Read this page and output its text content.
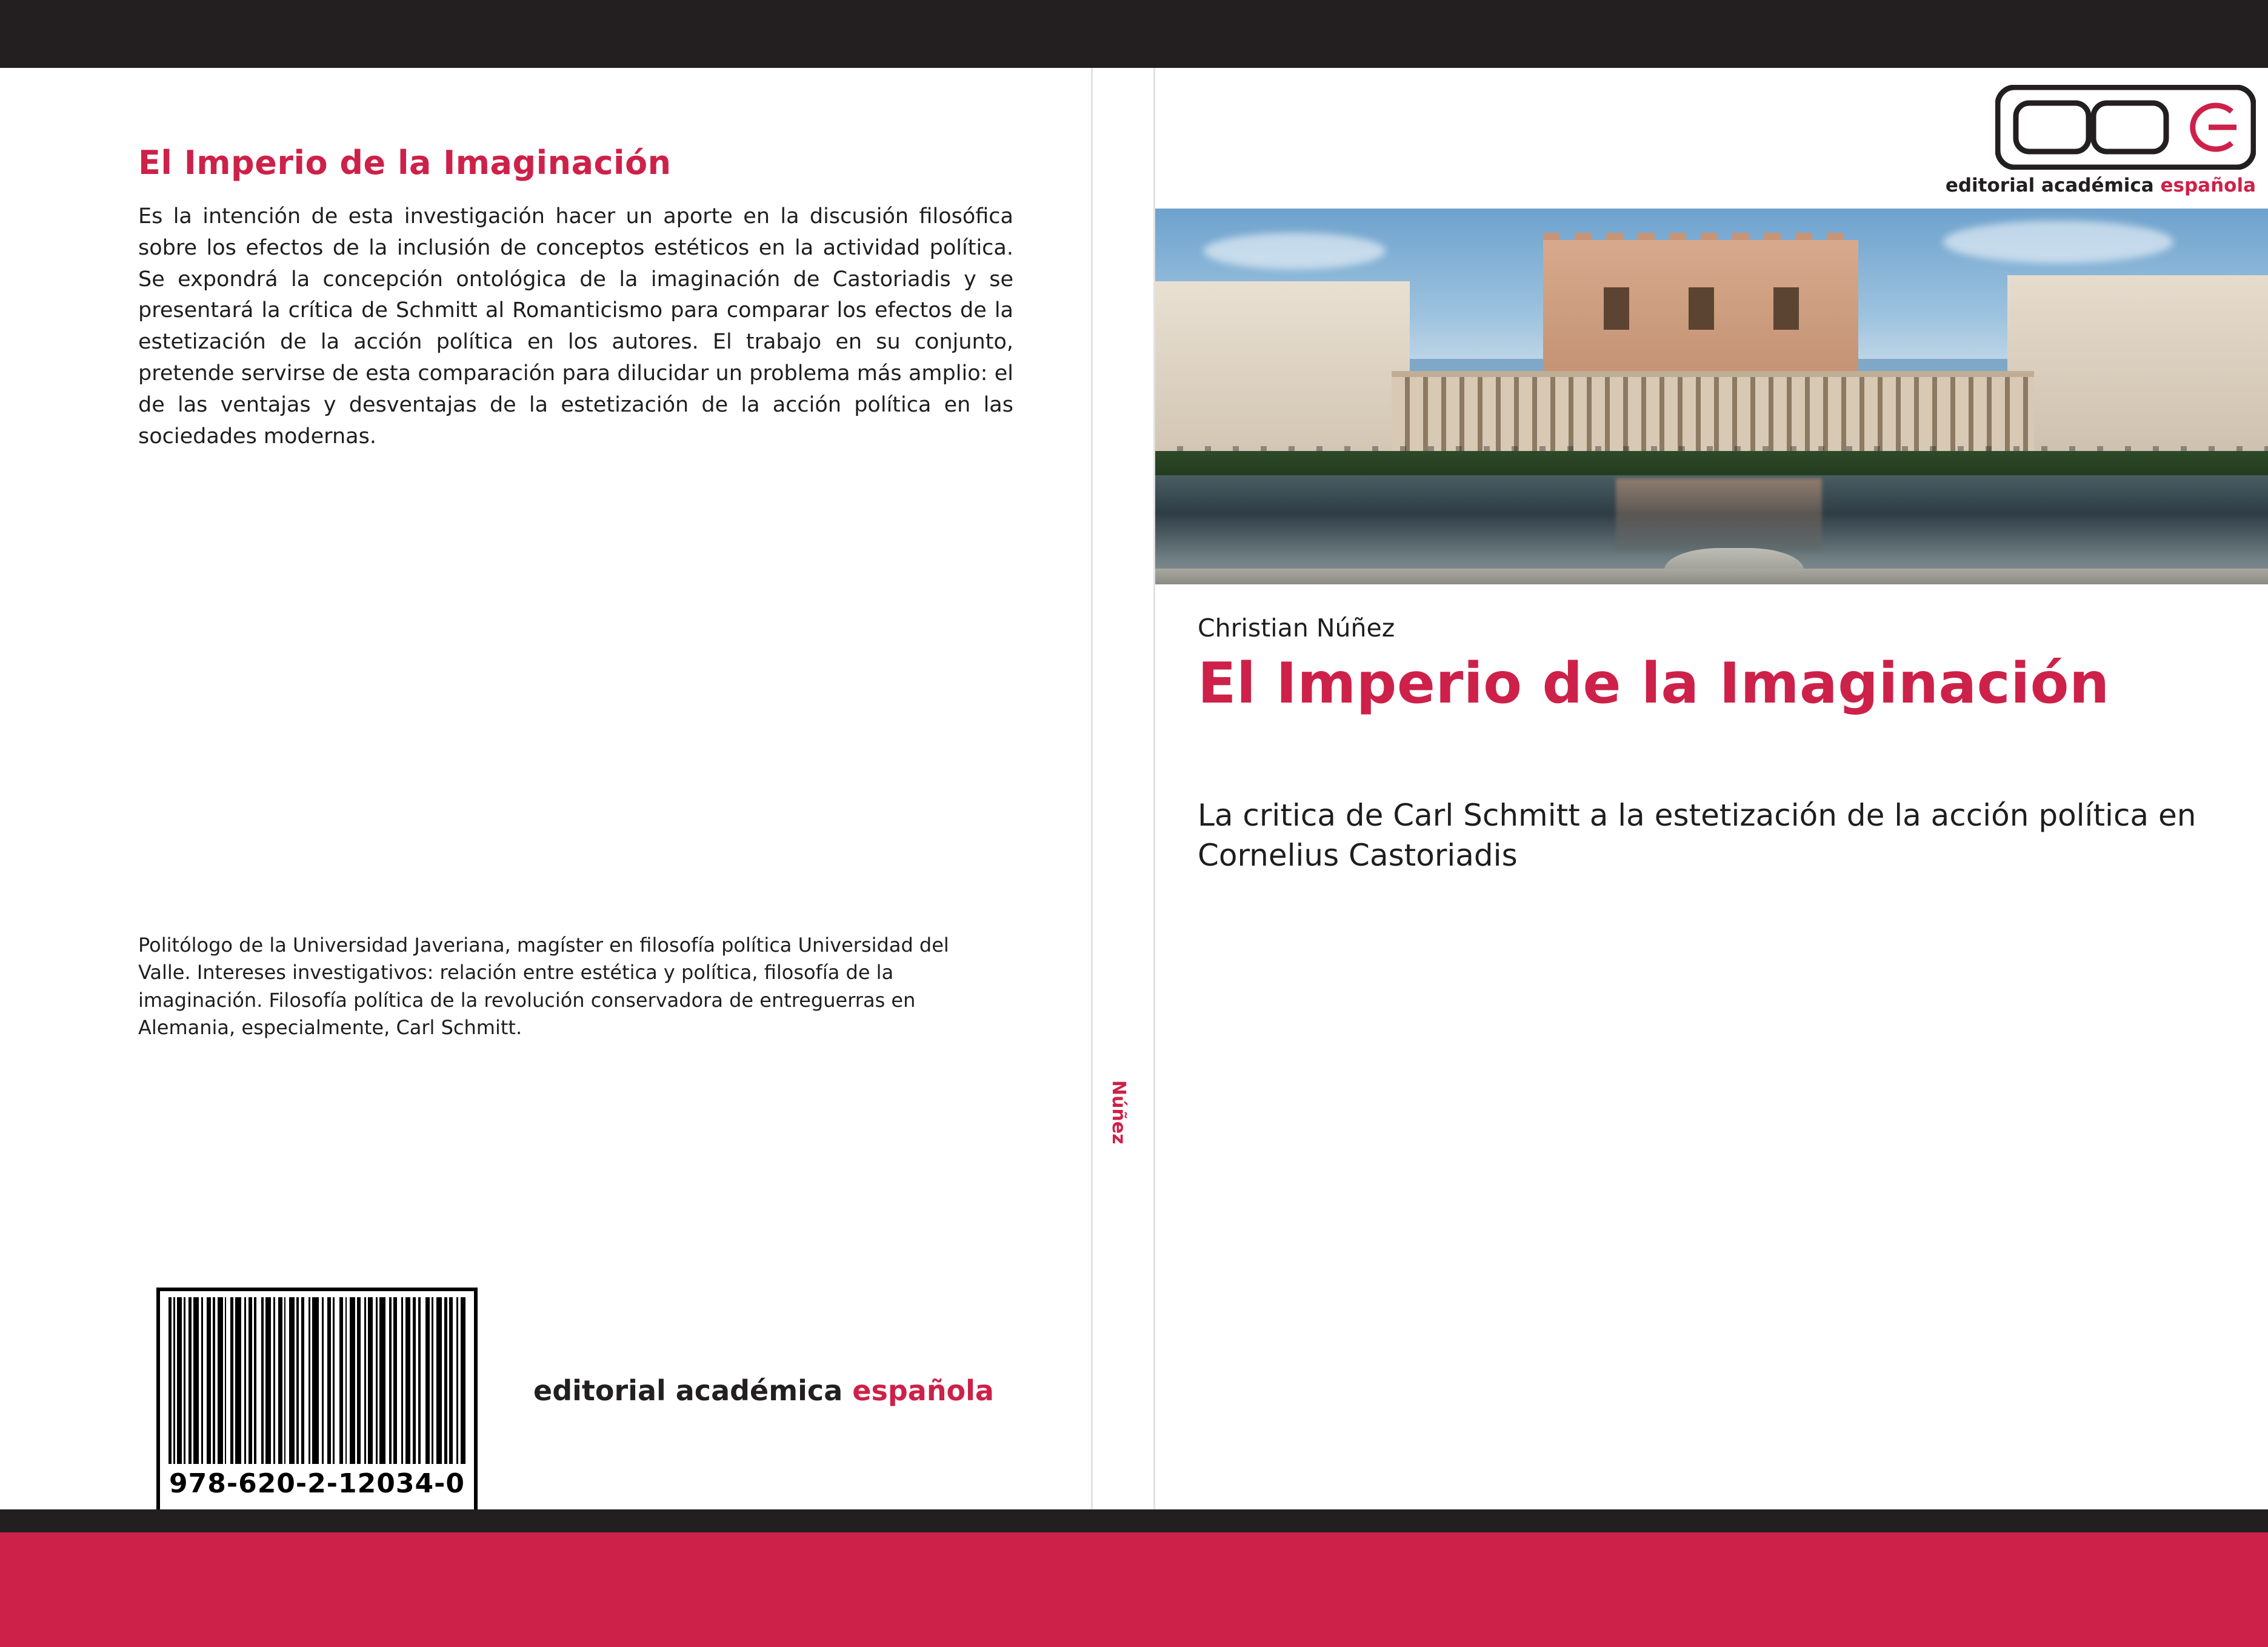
El Imperio de la Imaginación
Es la intención de esta investigación hacer un aporte en la discusión filosófica sobre los efectos de la inclusión de conceptos estéticos en la actividad política. Se expondrá la concepción ontológica de la imaginación de Castoriadis y se presentará la crítica de Schmitt al Romanticismo para comparar los efectos de la estetización de la acción política en los autores. El trabajo en su conjunto, pretende servirse de esta comparación para dilucidar un problema más amplio: el de las ventajas y desventajas de la estetización de la acción política en las sociedades modernas.
Politólogo de la Universidad Javeriana, magíster en filosofía política Universidad del Valle. Intereses investigativos: relación entre estética y política, filosofía de la imaginación. Filosofía política de la revolución conservadora de entreguerras en Alemania, especialmente, Carl Schmitt.
978-620-2-12034-0
editorial académica española
Núñez
editorial académica española
Christian Núñez
El Imperio de la Imaginación
La critica de Carl Schmitt a la estetización de la acción política en Cornelius Castoriadis
